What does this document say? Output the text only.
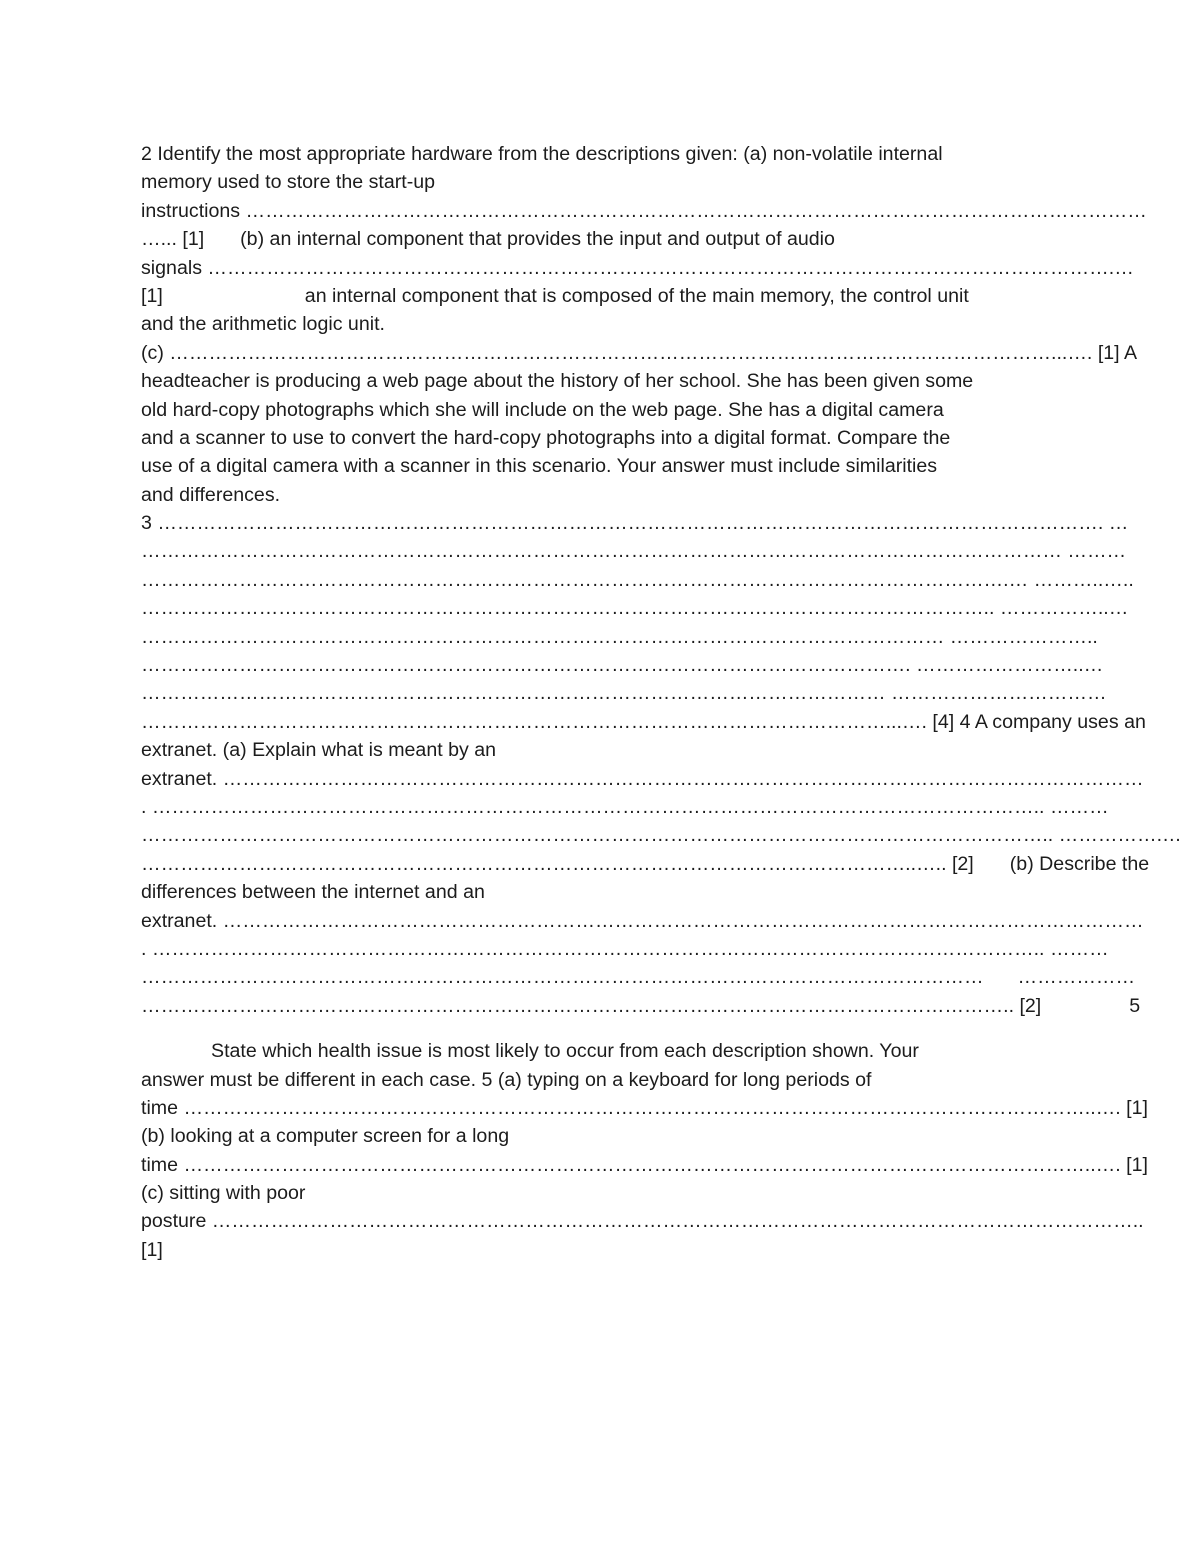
2 Identify the most appropriate hardware from the descriptions given: (a) non-volatile internal
memory used to store the start-up
instructions …………………………………………………………………………………………………………………………
…... [1] (b) an internal component that provides the input and output of audio
signals ………………………………………………………………………………………………………………………….…
[1]	an internal component that is composed of the main memory, the control unit
and the arithmetic logic unit.
(c) ………………………………………………………………………………………………………………………...…. [1] A
headteacher is producing a web page about the history of her school. She has been given some
old hard-copy photographs which she will include on the web page. She has a digital camera
and a scanner to use to convert the hard-copy photographs into a digital format. Compare the
use of a digital camera with a scanner in this scenario. Your answer must include similarities
and differences.
3 ………………………………………………………………………………………………………………………………. …
…………………………………………………………………………………………………………………………… ………
…………………………………………………………………………………………………………………….… ………..…..
………………………………………………………………………………………………………………….. ……………..…
…………………………………………………………………………………………………………… …………………..
………………………………………………………………………………………………………. ……………………..…
…………………………………………………………………………………………………… ……………………………
……………………………………………………………………………………………………...…. [4] 4 A company uses an
extranet. (a) Explain what is meant by an
extranet. ……………………………………………………………………………………………………………………………
. ……………………………………………………………………………………………………………………….. ………
………………………………………………………………………………………………………………………….. …………….…
………………………………………………………………………………………………………..….. [2] (b) Describe the
differences between the internet and an
extranet. ……………………………………………………………………………………………………………………………
. ……………………………………………………………………………………………………………………….. ………
………………………………………………………………………………………………………………… ………………
…………………………………………………………………………………………………………………….. [2]	5
State which health issue is most likely to occur from each description shown. Your
answer must be different in each case. 5 (a) typing on a keyboard for long periods of
time …………………………………………………………………………………………………………………………..…. [1]
(b) looking at a computer screen for a long
time …………………………………………………………………………………………………………………………..…. [1]
(c) sitting with poor
posture ……………………………………………………………………………………………………………………………..
[1]
